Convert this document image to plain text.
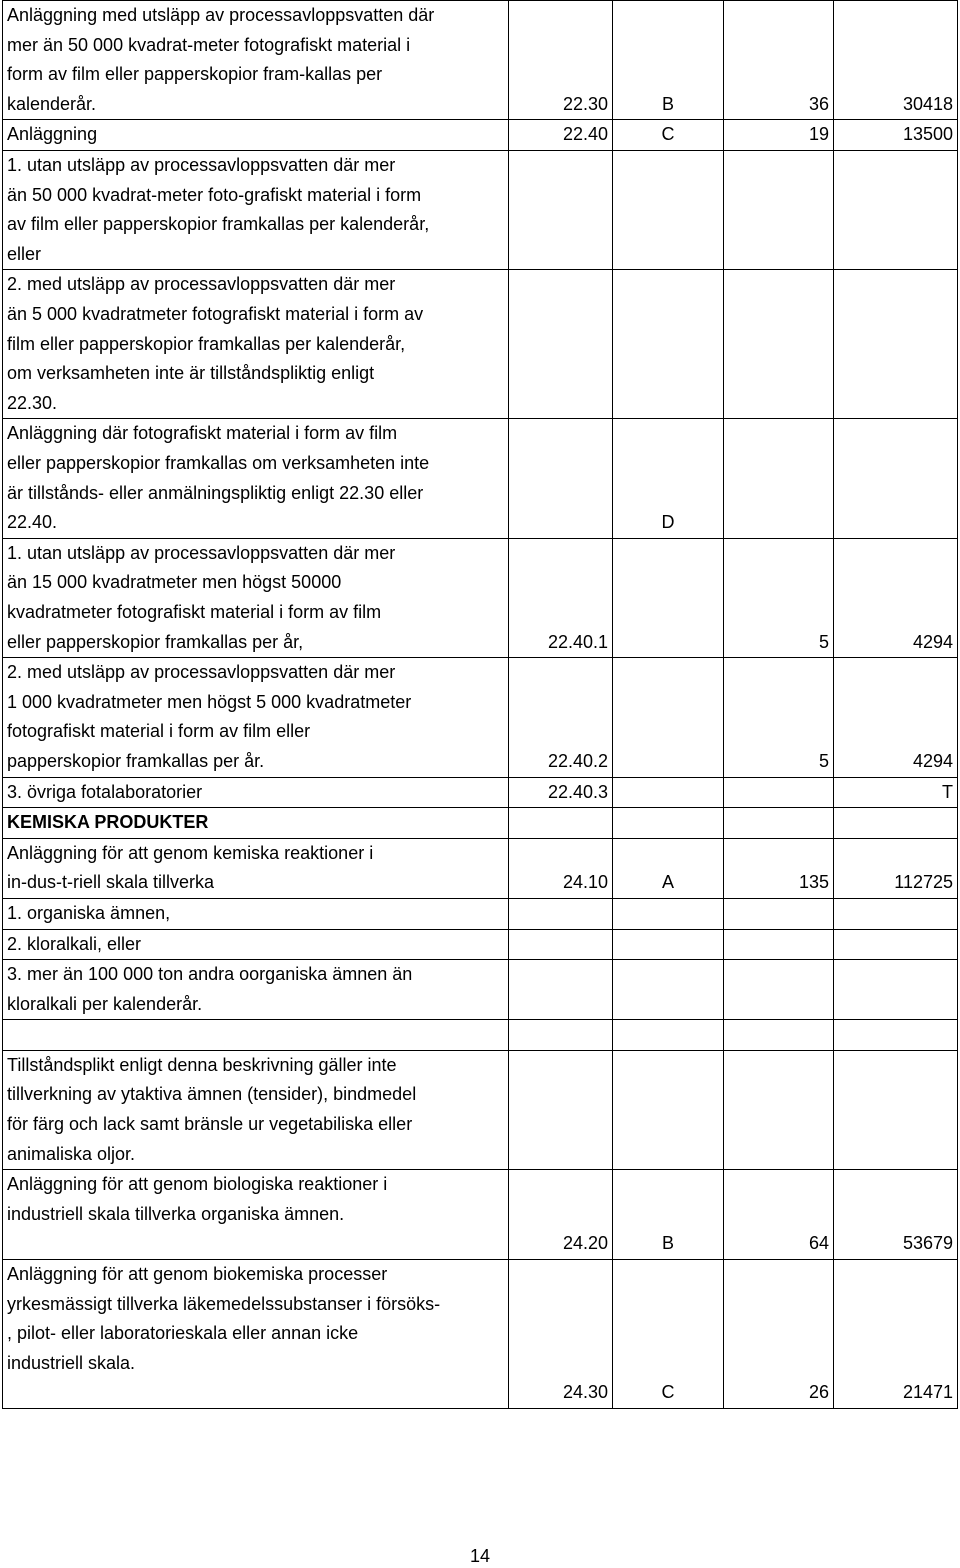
Anläggning med utsläpp av processavloppsvatten där
mer än 50 000 kvadrat-meter fotografiskt material i
form av film eller papperskopior fram-kallas per
kalenderår.	22.30	B	36	30418

Anläggning	22.40	C	19	13500

1. utan utsläpp av processavloppsvatten där mer
än 50 000 kvadrat-meter foto-grafiskt material i form
av film eller papperskopior framkallas per kalenderår,
eller				

2. med utsläpp av processavloppsvatten där mer
än 5 000 kvadratmeter fotografiskt material i form av
film eller papperskopior framkallas per kalenderår,
om verksamheten inte är tillståndspliktig enligt
22.30.				

Anläggning där fotografiskt material i form av film
eller papperskopior framkallas om verksamheten inte
är tillstånds- eller anmälningspliktig enligt 22.30 eller
22.40.		D		

1. utan utsläpp av processavloppsvatten där mer
än 15 000 kvadratmeter men högst 50000
kvadratmeter fotografiskt material i form av film
eller papperskopior framkallas per år,	22.40.1		5	4294

2. med utsläpp av processavloppsvatten där mer
1 000 kvadratmeter men högst 5 000 kvadratmeter
fotografiskt material i form av film eller
papperskopior framkallas per år.	22.40.2		5	4294

3. övriga fotalaboratorier	22.40.3			T

KEMISKA PRODUKTER				

Anläggning för att genom kemiska reaktioner i
in-dus-t-riell skala tillverka	24.10	A	135	112725

1. organiska ämnen,				

2. kloralkali, eller				

3. mer än 100 000 ton andra oorganiska ämnen än
kloralkali per kalenderår.				

Tillståndsplikt enligt denna beskrivning gäller inte
tillverkning av ytaktiva ämnen (tensider), bindmedel
för färg och lack samt bränsle ur vegetabiliska eller
animaliska oljor.				

Anläggning för att genom biologiska reaktioner i
industriell skala tillverka organiska ämnen.	24.20	B	64	53679

Anläggning för att genom biokemiska processer
yrkesmässigt tillverka läkemedelssubstanser i försöks-
, pilot- eller laboratorieskala eller annan icke
industriell skala.	24.30	C	26	21471
14
